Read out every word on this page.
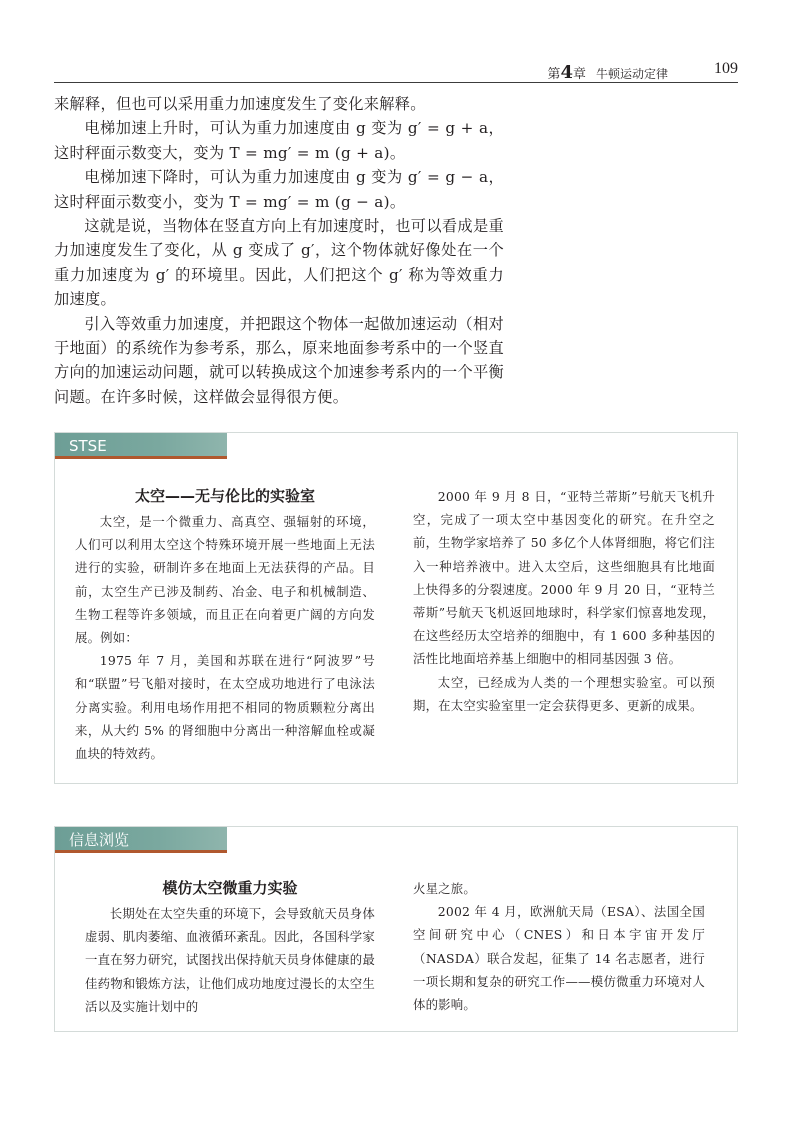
第4章 牛顿运动定律	109

来解释，但也可以采用重力加速度发生了变化来解释。

电梯加速上升时，可认为重力加速度由 g 变为 g′ = g + a，这时秤面示数变大，变为 T = mg′ = m (g + a)。

电梯加速下降时，可认为重力加速度由 g 变为 g′ = g − a，这时秤面示数变小，变为 T = mg′ = m (g − a)。

这就是说，当物体在竖直方向上有加速度时，也可以看成是重力加速度发生了变化，从 g 变成了 g′，这个物体就好像处在一个重力加速度为 g′ 的环境里。因此，人们把这个 g′ 称为等效重力加速度。

引入等效重力加速度，并把跟这个物体一起做加速运动（相对于地面）的系统作为参考系，那么，原来地面参考系中的一个竖直方向的加速运动问题，就可以转换成这个加速参考系内的一个平衡问题。在许多时候，这样做会显得很方便。

STSE
太空——无与伦比的实验室

太空，是一个微重力、高真空、强辐射的环境，人们可以利用太空这个特殊环境开展一些地面上无法进行的实验，研制许多在地面上无法获得的产品。目前，太空生产已涉及制药、冶金、电子和机械制造、生物工程等许多领域，而且正在向着更广阔的方向发展。例如：

1975 年 7 月，美国和苏联在进行“阿波罗”号和“联盟”号飞船对接时，在太空成功地进行了电泳法分离实验。利用电场作用把不相同的物质颗粒分离出来，从大约 5% 的肾细胞中分离出一种溶解血栓或凝血块的特效药。

2000 年 9 月 8 日，“亚特兰蒂斯”号航天飞机升空，完成了一项太空中基因变化的研究。在升空之前，生物学家培养了 50 多亿个人体肾细胞，将它们注入一种培养液中。进入太空后，这些细胞具有比地面上快得多的分裂速度。2000 年 9 月 20 日，“亚特兰蒂斯”号航天飞机返回地球时，科学家们惊喜地发现，在这些经历太空培养的细胞中，有 1 600 多种基因的活性比地面培养基上细胞中的相同基因强 3 倍。

太空，已经成为人类的一个理想实验室。可以预期，在太空实验室里一定会获得更多、更新的成果。

信息浏览
模仿太空微重力实验

长期处在太空失重的环境下，会导致航天员身体虚弱、肌肉萎缩、血液循环紊乱。因此，各国科学家一直在努力研究，试图找出保持航天员身体健康的最佳药物和锻炼方法，让他们成功地度过漫长的太空生活以及实施计划中的

火星之旅。

2002 年 4 月，欧洲航天局（ESA）、法国全国空间研究中心（CNES）和日本宇宙开发厅（NASDA）联合发起，征集了 14 名志愿者，进行一项长期和复杂的研究工作——模仿微重力环境对人体的影响。
